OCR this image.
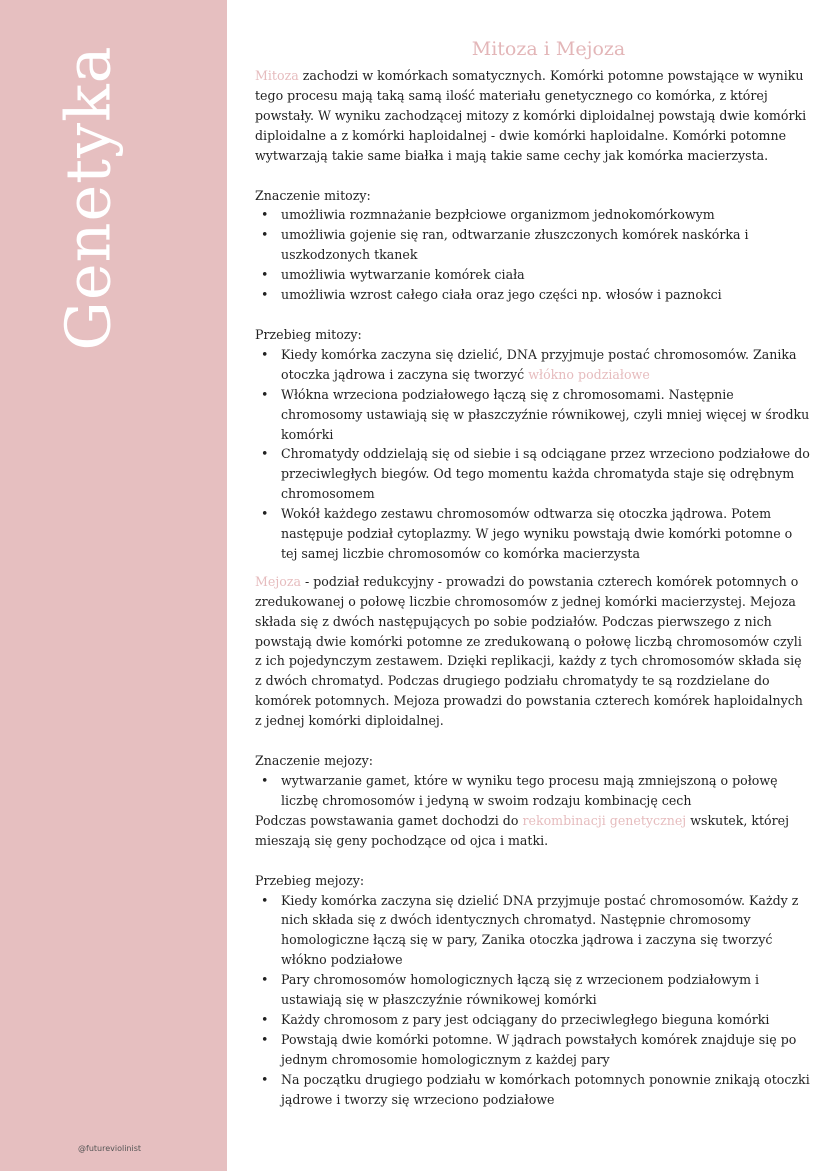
Genetyka
@futureviolinist
Mitoza i Mejoza

Mitoza zachodzi w komórkach somatycznych. Komórki potomne powstające w wyniku tego procesu mają taką samą ilość materiału genetycznego co komórka, z której powstały. W wyniku zachodzącej mitozy z komórki diploidalnej powstają dwie komórki diploidalne a z komórki haploidalnej - dwie komórki haploidalne. Komórki potomne wytwarzają takie same białka i mają takie same cechy jak komórka macierzysta.

Znaczenie mitozy:

• umożliwia rozmnażanie bezpłciowe organizmom jednokomórkowym
• umożliwia gojenie się ran, odtwarzanie złuszczonych komórek naskórka i uszkodzonych tkanek
• umożliwia wytwarzanie komórek ciała
• umożliwia wzrost całego ciała oraz jego części np. włosów i paznokci

Przebieg mitozy:

• Kiedy komórka zaczyna się dzielić, DNA przyjmuje postać chromosomów. Zanika otoczka jądrowa i zaczyna się tworzyć włókno podziałowe
• Włókna wrzeciona podziałowego łączą się z chromosomami. Następnie chromosomy ustawiają się w płaszczyźnie równikowej, czyli mniej więcej w środku komórki
• Chromatydy oddzielają się od siebie i są odciągane przez wrzeciono podziałowe do przeciwległych biegów. Od tego momentu każda chromatyda staje się odrębnym chromosomem
• Wokół każdego zestawu chromosomów odtwarza się otoczka jądrowa. Potem następuje podział cytoplazmy. W jego wyniku powstają dwie komórki potomne o tej samej liczbie chromosomów co komórka macierzysta

Mejoza - podział redukcyjny - prowadzi do powstania czterech komórek potomnych o zredukowanej o połowę liczbie chromosomów z jednej komórki macierzystej. Mejoza składa się z dwóch następujących po sobie podziałów. Podczas pierwszego z nich powstają dwie komórki potomne ze zredukowaną o połowę liczbą chromosomów czyli z ich pojedynczym zestawem. Dzięki replikacji, każdy z tych chromosomów składa się z dwóch chromatyd. Podczas drugiego podziału chromatydy te są rozdzielane do komórek potomnych. Mejoza prowadzi do powstania czterech komórek haploidalnych z jednej komórki diploidalnej.

Znaczenie mejozy:

• wytwarzanie gamet, które w wyniku tego procesu mają zmniejszoną o połowę liczbę chromosomów i jedyną w swoim rodzaju kombinację cech

Podczas powstawania gamet dochodzi do rekombinacji genetycznej wskutek, której mieszają się geny pochodzące od ojca i matki.

Przebieg mejozy:

• Kiedy komórka zaczyna się dzielić DNA przyjmuje postać chromosomów. Każdy z nich składa się z dwóch identycznych chromatyd. Następnie chromosomy homologiczne łączą się w pary, Zanika otoczka jądrowa i zaczyna się tworzyć włókno podziałowe
• Pary chromosomów homologicznych łączą się z wrzecionem podziałowym i ustawiają się w płaszczyźnie równikowej komórki
• Każdy chromosom z pary jest odciągany do przeciwległego bieguna komórki
• Powstają dwie komórki potomne. W jądrach powstałych komórek znajduje się po jednym chromosomie homologicznym z każdej pary
• Na początku drugiego podziału w komórkach potomnych ponownie znikają otoczki jądrowe i tworzy się wrzeciono podziałowe
